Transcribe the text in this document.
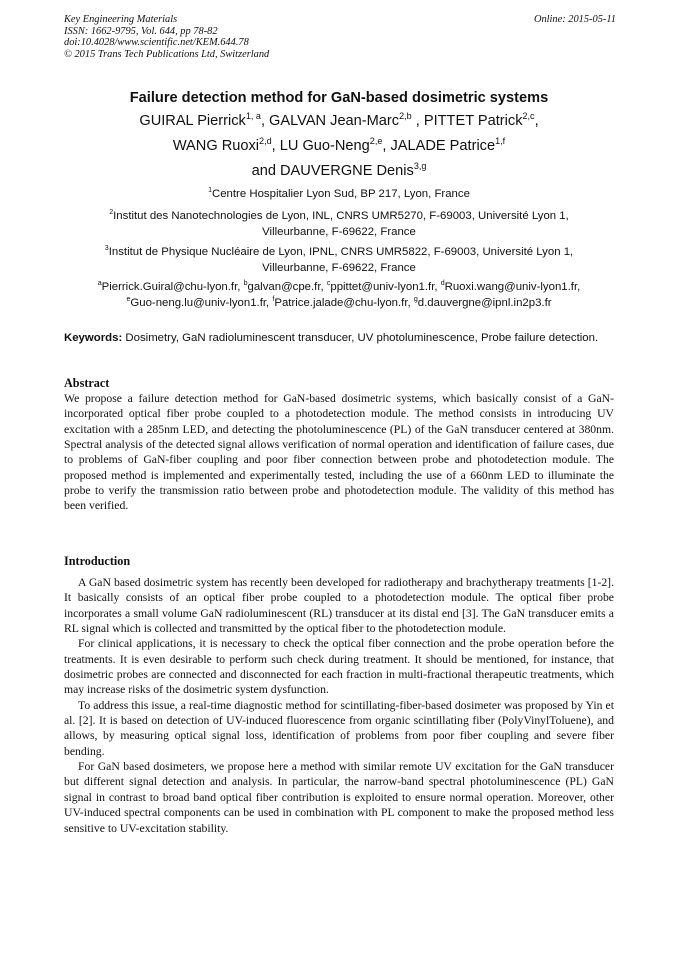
Key Engineering Materials
ISSN: 1662-9795, Vol. 644, pp 78-82
doi:10.4028/www.scientific.net/KEM.644.78
© 2015 Trans Tech Publications Ltd, Switzerland
Online: 2015-05-11
Failure detection method for GaN-based dosimetric systems
GUIRAL Pierrick$^{1, a}$, GALVAN Jean-Marc$^{2,b}$ , PITTET Patrick$^{2,c}$,
WANG Ruoxi$^{2,d}$, LU Guo-Neng$^{2,e}$, JALADE Patrice$^{1,f}$
and DAUVERGNE Denis$^{3,g}$
$^1$Centre Hospitalier Lyon Sud, BP 217, Lyon, France
$^2$Institut des Nanotechnologies de Lyon, INL, CNRS UMR5270, F-69003, Université Lyon 1,
Villeurbanne, F-69622, France
$^3$Institut de Physique Nucléaire de Lyon, IPNL, CNRS UMR5822, F-69003, Université Lyon 1,
Villeurbanne, F-69622, France
$^a$Pierrick.Guiral@chu-lyon.fr, $^b$galvan@cpe.fr, $^c$ppittet@univ-lyon1.fr, $^d$Ruoxi.wang@univ-lyon1.fr,
$^e$Guo-neng.lu@univ-lyon1.fr, $^f$Patrice.jalade@chu-lyon.fr, $^g$d.dauvergne@ipnl.in2p3.fr
Keywords: Dosimetry, GaN radioluminescent transducer, UV photoluminescence, Probe failure detection.
Abstract

We propose a failure detection method for GaN-based dosimetric systems, which basically consist of a GaN-incorporated optical fiber probe coupled to a photodetection module. The method consists in introducing UV excitation with a 285nm LED, and detecting the photoluminescence (PL) of the GaN transducer centered at 380nm. Spectral analysis of the detected signal allows verification of normal operation and identification of failure cases, due to problems of GaN-fiber coupling and poor fiber connection between probe and photodetection module. The proposed method is implemented and experimentally tested, including the use of a 660nm LED to illuminate the probe to verify the transmission ratio between probe and photodetection module. The validity of this method has been verified.

Introduction

A GaN based dosimetric system has recently been developed for radiotherapy and brachytherapy treatments [1-2]. It basically consists of an optical fiber probe coupled to a photodetection module. The optical fiber probe incorporates a small volume GaN radioluminescent (RL) transducer at its distal end [3]. The GaN transducer emits a RL signal which is collected and transmitted by the optical fiber to the photodetection module.

For clinical applications, it is necessary to check the optical fiber connection and the probe operation before the treatments. It is even desirable to perform such check during treatment. It should be mentioned, for instance, that dosimetric probes are connected and disconnected for each fraction in multi-fractional therapeutic treatments, which may increase risks of the dosimetric system dysfunction.

To address this issue, a real-time diagnostic method for scintillating-fiber-based dosimeter was proposed by Yin et al. [2]. It is based on detection of UV-induced fluorescence from organic scintillating fiber (PolyVinylToluene), and allows, by measuring optical signal loss, identification of problems from poor fiber coupling and severe fiber bending.

For GaN based dosimeters, we propose here a method with similar remote UV excitation for the GaN transducer but different signal detection and analysis. In particular, the narrow-band spectral photoluminescence (PL) GaN signal in contrast to broad band optical fiber contribution is exploited to ensure normal operation. Moreover, other UV-induced spectral components can be used in combination with PL component to make the proposed method less sensitive to UV-excitation stability.
